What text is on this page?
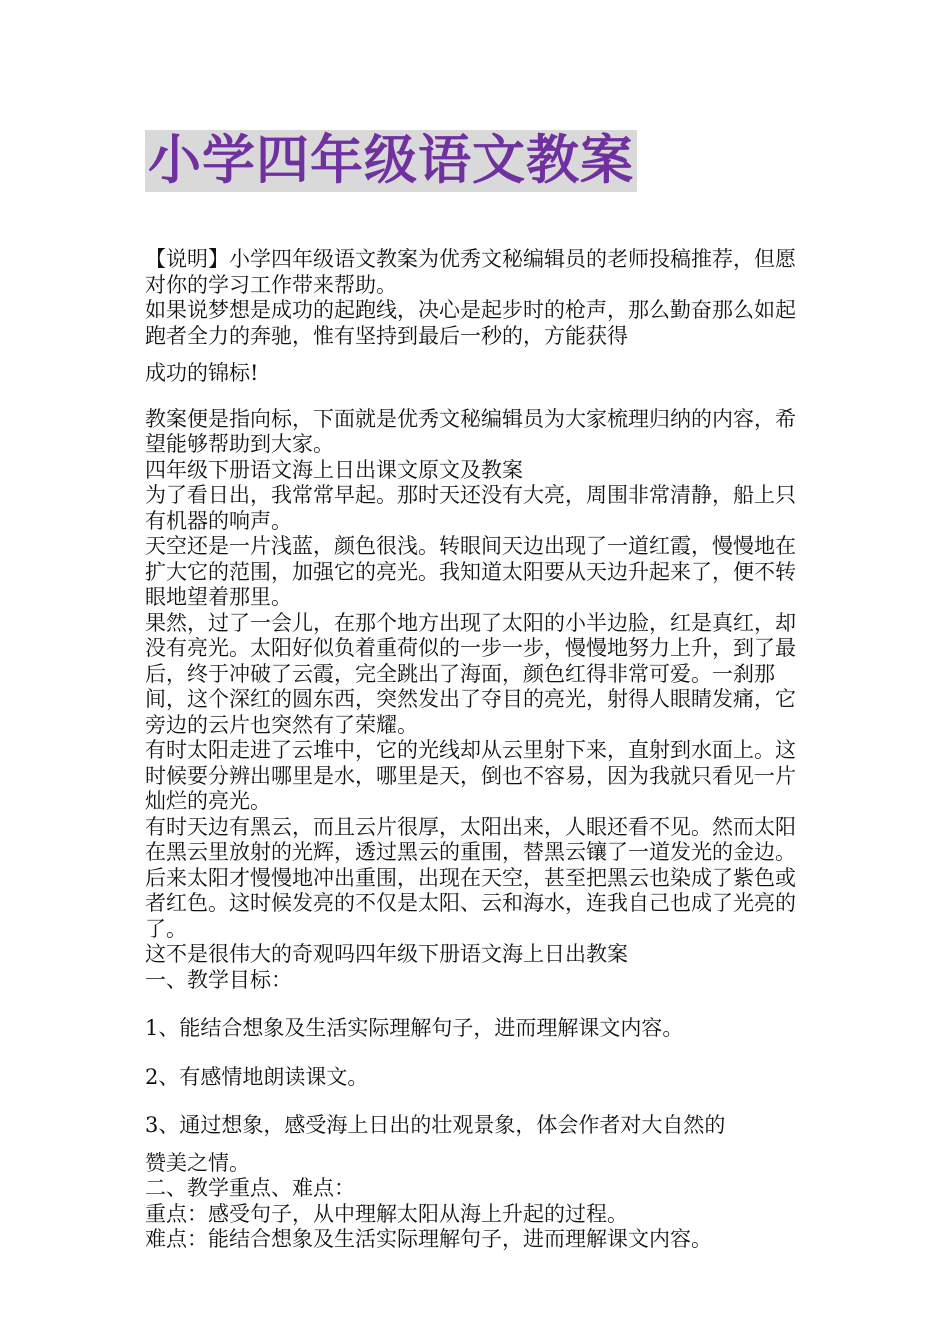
小学四年级语文教案

【说明】小学四年级语文教案为优秀文秘编辑员的老师投稿推荐，但愿对你的学习工作带来帮助。

如果说梦想是成功的起跑线，决心是起步时的枪声，那么勤奋那么如起跑者全力的奔驰，惟有坚持到最后一秒的，方能获得

成功的锦标!

教案便是指向标，下面就是优秀文秘编辑员为大家梳理归纳的内容，希望能够帮助到大家。

四年级下册语文海上日出课文原文及教案

为了看日出，我常常早起。那时天还没有大亮，周围非常清静，船上只有机器的响声。

天空还是一片浅蓝，颜色很浅。转眼间天边出现了一道红霞，慢慢地在扩大它的范围，加强它的亮光。我知道太阳要从天边升起来了，便不转眼地望着那里。

果然，过了一会儿，在那个地方出现了太阳的小半边脸，红是真红，却没有亮光。太阳好似负着重荷似的一步一步，慢慢地努力上升，到了最后，终于冲破了云霞，完全跳出了海面，颜色红得非常可爱。一刹那间，这个深红的圆东西，突然发出了夺目的亮光，射得人眼睛发痛，它旁边的云片也突然有了荣耀。

有时太阳走进了云堆中，它的光线却从云里射下来，直射到水面上。这时候要分辨出哪里是水，哪里是天，倒也不容易，因为我就只看见一片灿烂的亮光。

有时天边有黑云，而且云片很厚，太阳出来，人眼还看不见。然而太阳在黑云里放射的光辉，透过黑云的重围，替黑云镶了一道发光的金边。后来太阳才慢慢地冲出重围，出现在天空，甚至把黑云也染成了紫色或者红色。这时候发亮的不仅是太阳、云和海水，连我自己也成了光亮的了。

这不是很伟大的奇观吗四年级下册语文海上日出教案

一、教学目标：

1、能结合想象及生活实际理解句子，进而理解课文内容。

2、有感情地朗读课文。

3、通过想象，感受海上日出的壮观景象，体会作者对大自然的

赞美之情。

二、教学重点、难点：

重点：感受句子，从中理解太阳从海上升起的过程。

难点：能结合想象及生活实际理解句子，进而理解课文内容。
